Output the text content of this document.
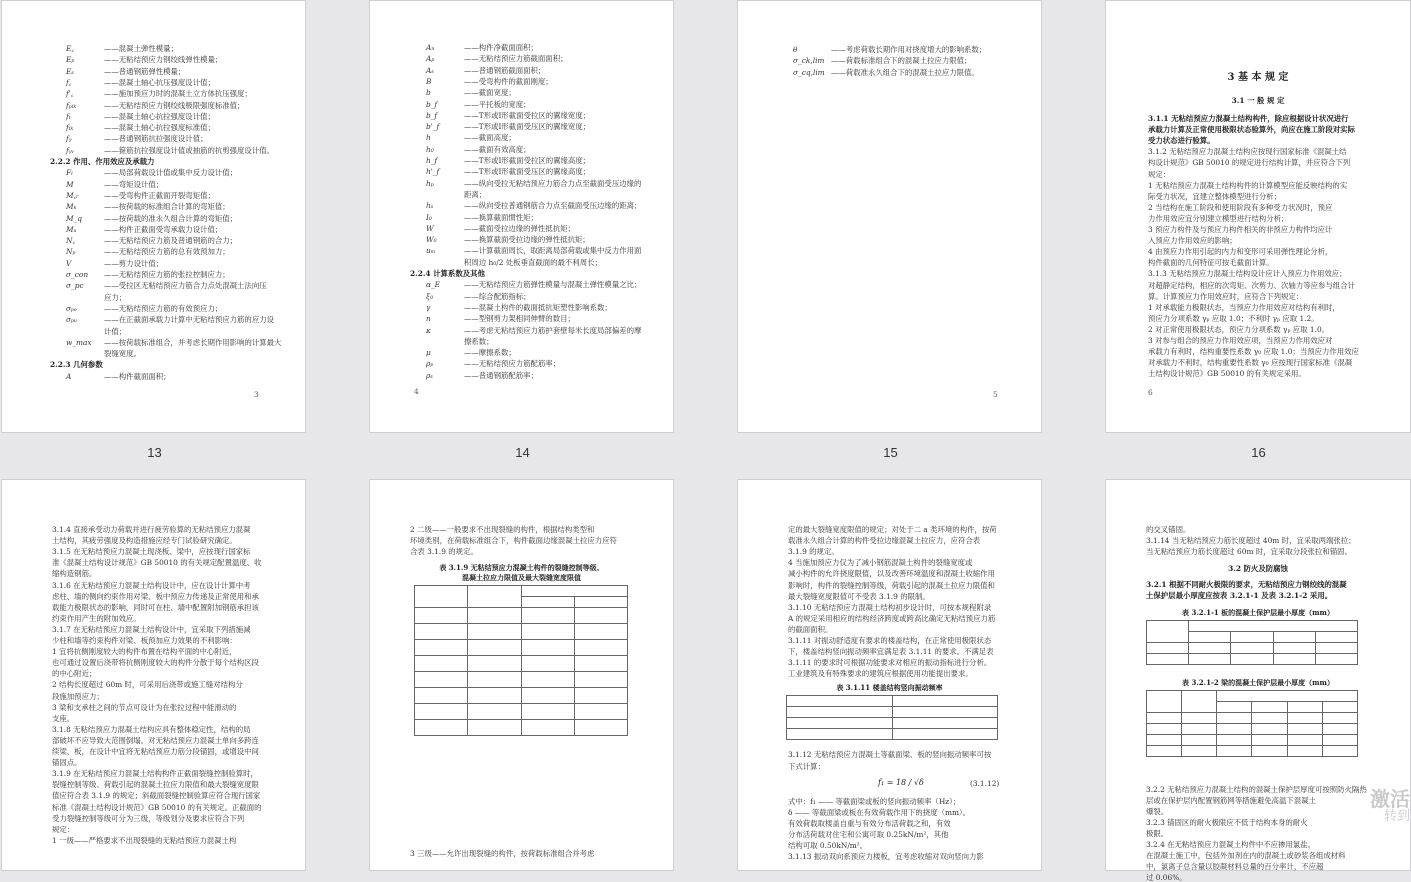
E꜀	——混凝土弹性模量；
Eₚ	——无粘结预应力钢绞线弹性模量；
Eₛ	——普通钢筋弹性模量；
f꜀	——混凝土轴心抗压强度设计值；
f'꜀	——施加预应力时的混凝土立方体抗压强度；
fₚₜₖ	——无粘结预应力钢绞线极限强度标准值；
fₜ	——混凝土轴心抗拉强度设计值；
fₜₖ	——混凝土轴心抗拉强度标准值；
fᵧ	——普通钢筋抗拉强度设计值；
fᵧᵥ	——箍筋抗拉强度设计值或抽筋的抗剪强度设计值。
2.2.2 作用、作用效应及承载力
Fₗ	——局部荷载设计值或集中反力设计值；
M	——弯矩设计值；
M꜀ᵣ	——受弯构件正截面开裂弯矩值；
Mₖ	——按荷载的标准组合计算的弯矩值；
M_q	——按荷载的准永久组合计算的弯矩值；
Mᵤ	——构件正截面受弯承载力设计值；
N꜀	——无粘结预应力筋及普通钢筋的合力；
Nₚ	——无粘结预应力筋的总有效预加力；
V	——剪力设计值；
σ_con ——无粘结预应力筋的张拉控制应力；
σ_pc	——受拉区无粘结预应力筋合力点处混凝土法向压
应力；
σₚₑ	——无粘结预应力筋的有效预应力；
σₚᵤ	——在正截面承载力计算中无粘结预应力筋的应力设
计值；
w_max ——按荷载标准组合，并考虑长期作用影响的计算最大
裂缝宽度。
2.2.3 几何参数
A	——构件截面面积；
3
Aₙ	——构件净截面面积；
Aₚ	——无粘结预应力筋截面面积；
Aₛ	——普通钢筋截面面积；
B	——受弯构件的截面刚度；
b	——截面宽度；
b_f	——平托板的宽度；
b_f	——T形或I形截面受拉区的翼缘宽度；
b'_f	——T形或I形截面受压区的翼缘宽度；
h	——截面高度；
h₀	——截面有效高度；
h_f	——T形或I形截面受拉区的翼缘高度；
h'_f	——T形或I形截面受压区的翼缘高度；
hₚ	——纵向受拉无粘结预应力筋合力点至截面受压边缘的
距离；
hₛ	——纵向受拉普通钢筋合力点至截面受压边缘的距离；
I₀	——换算截面惯性矩；
W	——截面受拉边缘的弹性抵抗矩；
W₀	——换算截面受拉边缘的弹性抵抗矩；
uₘ	——计算截面周长，取距离局部荷载或集中反力作用面
积周边 h₀/2 处板垂直截面的最不利周长；
2.2.4 计算系数及其他
α_E	——无粘结预应力筋弹性模量与混凝土弹性模量之比；
ξ₀	——综合配筋指标；
γ	——混凝土构件的截面抵抗矩塑性影响系数；
n	——型钢剪力架相同伸臂的数目；
κ	——考虑无粘结预应力筋护套壁每米长度局部偏差的摩
擦系数；
μ	——摩擦系数；
ρₚ	——无粘结预应力筋配筋率；
ρₛ	——普通钢筋配筋率；
4
θ	——考虑荷载长期作用对挠度增大的影响系数；
σ_ck,lim ——荷载标准组合下的混凝土拉应力限值；
σ_cq,lim ——荷载准永久组合下的混凝土拉应力限值。
5
3 基 本 规 定
3.1 一 般 规 定
3.1.1 无粘结预应力混凝土结构构件，除应根据设计状况进行
承载力计算及正常使用极限状态验算外，尚应在施工阶段对实际
受力状态进行验算。
3.1.2 无粘结预应力混凝土结构应按现行国家标准《混凝土结
构设计规范》GB 50010 的规定进行结构计算，并应符合下列
规定：
1 无粘结预应力混凝土结构构件的计算模型应能反映结构的实
际受力状况，宜建立整体模型进行分析；
2 当结构在施工阶段和使用阶段有多种受力状况时，预应
力作用效应宜分别建立模型进行结构分析；
3 预应力构件及与预应力构件相关的非预应力构件均应计
入预应力作用效应的影响；
4 由预应力作用引起的内力和变形可采用弹性理论分析，
构件截面的几何特征可按毛截面计算。
3.1.3 无粘结预应力混凝土结构设计应计入预应力作用效应；
对超静定结构，相应的次弯矩、次剪力、次轴力等应参与组合计
算。计算预应力作用效应时，应符合下列规定：
1 对承载能力极限状态，当预应力作用效应对结构有利时，
预应力分项系数 γₚ 应取 1.0；不利时 γₚ 应取 1.2。
2 对正常使用极限状态，预应力分项系数 γₚ 应取 1.0。
3 对参与组合的预应力作用效应项，当预应力作用效应对
承载力有利时，结构重要性系数 γ₀ 应取 1.0；当预应力作用效应
对承载力不利时，结构重要性系数 γ₀ 应按现行国家标准《混凝
土结构设计规范》GB 50010 的有关规定采用。
6
13	14	15	16
3.1.4 直接承受动力荷载并进行疲劳验算的无粘结预应力混凝
土结构，其疲劳强度及构造措施应经专门试验研究确定。
3.1.5 在无粘结预应力混凝土现浇板、梁中，应按现行国家标
准《混凝土结构设计规范》GB 50010 的有关规定配置温度、收
缩构造钢筋。
3.1.6 在无粘结预应力混凝土结构设计中，应在设计计算中考
虑柱、墙的侧向约束作用对梁、板中预应力传递及正常使用和承
载能力极限状态的影响，同时可在柱、墙中配置附加钢筋承担该
约束作用产生的附加效应。
3.1.7 在无粘结预应力混凝土结构设计中，宜采取下列措施减
少柱和墙等约束构件对梁、板预加应力效果的不利影响：
1 宜将抗侧刚度较大的构件布置在结构平面的中心附近，
也可通过设置后浇带将抗侧刚度较大的构件分散于每个结构区段
的中心附近；
2 结构长度超过 60m 时，可采用后浇带或施工缝对结构分
段施加预应力；
3 梁和支承柱之间的节点可设计为在张拉过程中能滑动的
支座。
3.1.8 无粘结预应力混凝土结构应具有整体稳定性，结构的局
部破坏不应导致大范围倒塌。对无粘结预应力混凝土单向多跨连
续梁、板，在设计中宜将无粘结预应力筋分段锚固，或增设中间
锚固点。
3.1.9 在无粘结预应力混凝土结构构件正截面裂缝控制验算时，
裂缝控制等级、荷载引起的混凝土拉应力限值和最大裂缝宽度限
值应符合表 3.1.9 的规定；斜截面裂缝控制验算应符合现行国家
标准《混凝土结构设计规范》GB 50010 的有关规定。正截面的
受力裂缝控制等级可分为三级，等级划分及要求应符合下列
规定：
1 一级——严格要求不出现裂缝的无粘结预应力混凝土构
2 二级——一般要求不出现裂缝的构件，根据结构类型和
环境类别，在荷载标准组合下，构件截面边缘混凝土拉应力应符
合表 3.1.9 的规定。
表 3.1.9 无粘结预应力混凝土构件的裂缝控制等级、
混凝土拉应力限值及最大裂缝宽度限值

3 三级——允许出现裂缝的构件，按荷载标准组合并考虑
定的最大裂缝宽度限值的规定；对处于二 a 类环境的构件，按荷
载准永久组合计算的构件受拉边缘混凝土拉应力，应符合表
3.1.9 的规定。
4 当施加预应力仅为了减小钢筋混凝土构件的裂缝宽度或
减小构件的允许挠度限值，以及改善环境温度和混凝土收缩作用
影响时，构件的裂缝控制等级，荷载引起的混凝土拉应力限值和
最大裂缝宽度限值可不受表 3.1.9 的限制。
3.1.10 无粘结预应力混凝土结构初步设计时，可按本规程附录
A 的规定采用相应的结构经济跨度或跨高比确定无粘结预应力筋
的截面面积。
3.1.11 对振动舒适度有要求的楼盖结构，在正常使用极限状态
下，楼盖结构竖向振动频率宜满足表 3.1.11 的要求。不满足表
3.1.11 的要求时可根据功能要求对相应的振动指标进行分析。
工业建筑及有特殊要求的建筑应根据使用功能提出要求。
表 3.1.11 楼盖结构竖向振动频率

3.1.12 无粘结预应力混凝土等截面梁、板的竖向振动频率可按
下式计算：
f₁ = 18 / √δ	(3.1.12)
式中：f₁ —— 等截面梁或板的竖向振动频率（Hz）；
δ —— 等截面梁或板在有效荷载作用下的挠度（mm）。
有效荷载取楼盖自重与有效分布活荷载之和，有效
分布活荷载对住宅和公寓可取 0.25kN/m²，其他
结构可取 0.50kN/m²。
3.1.13 振动双向系预应力楼板，宜考虑收缩对双向竖向力影
的交叉锚固。
3.1.14 当无粘结预应力筋长度超过 40m 时，宜采取两端张拉；
当无粘结预应力筋长度超过 60m 时，宜采取分段张拉和锚固。
3.2 防火及防腐蚀
3.2.1 根据不同耐火极限的要求，无粘结预应力钢绞线的混凝
土保护层最小厚度应按表 3.2.1-1 及表 3.2.1-2 采用。
表 3.2.1-1 板的混凝土保护层最小厚度（mm）

表 3.2.1-2 梁的混凝土保护层最小厚度（mm）

3.2.2 无粘结预应力混凝土结构的混凝土保护层厚度可按照防火隔热
层或在保护层内配置钢筋网等措施避免高温下混凝土
爆裂。
3.2.3 锚固区的耐火极限应不低于结构本身的耐火
极限。
3.2.4 在无粘结预应力混凝土构件中不应掺用氯盐。
在混凝土施工中，包括外加剂在内的混凝土或砂浆各组成材料
中，氯离子总含量以胶凝材料总量的百分率计，不应超
过 0.06%。
激活
转到
